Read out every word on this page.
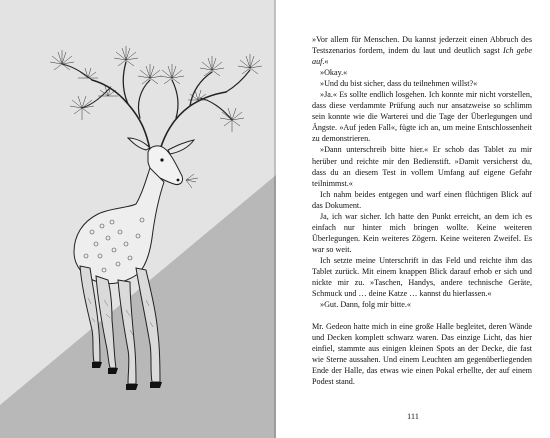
»Vor allem für Menschen. Du kannst jederzeit einen Abbruch des Testszenarios fordern, indem du laut und deutlich sagst Ich gebe auf.«

»Okay.«

»Und du bist sicher, dass du teilnehmen willst?«

»Ja.« Es sollte endlich losgehen. Ich konnte mir nicht vorstellen, dass diese verdammte Prüfung auch nur ansatzweise so schlimm sein konnte wie die Warterei und die Tage der Überlegungen und Ängste. »Auf jeden Fall«, fügte ich an, um meine Entschlossenheit zu demonstrieren.

»Dann unterschreib bitte hier.« Er schob das Tablet zu mir herüber und reichte mir den Bedienstift. »Damit versicherst du, dass du an diesem Test in vollem Umfang auf eigene Gefahr teilnimmst.«

Ich nahm beides entgegen und warf einen flüchtigen Blick auf das Dokument.

Ja, ich war sicher. Ich hatte den Punkt erreicht, an dem ich es einfach nur hinter mich bringen wollte. Keine weiteren Überlegungen. Kein weiteres Zögern. Keine weiteren Zweifel. Es war so weit.

Ich setzte meine Unterschrift in das Feld und reichte ihm das Tablet zurück. Mit einem knappen Blick darauf erhob er sich und nickte mir zu. »Taschen, Handys, andere technische Geräte, Schmuck und … deine Katze … kannst du hierlassen.«

»Gut. Dann, folg mir bitte.«

Mr. Gedeon hatte mich in eine große Halle begleitet, deren Wände und Decken komplett schwarz waren. Das einzige Licht, das hier einfiel, stammte aus einigen kleinen Spots an der Decke, die fast wie Sterne aussahen. Und einem Leuchten am gegenüberliegenden Ende der Halle, das etwas wie einen Pokal erhellte, der auf einem Podest stand.

111
